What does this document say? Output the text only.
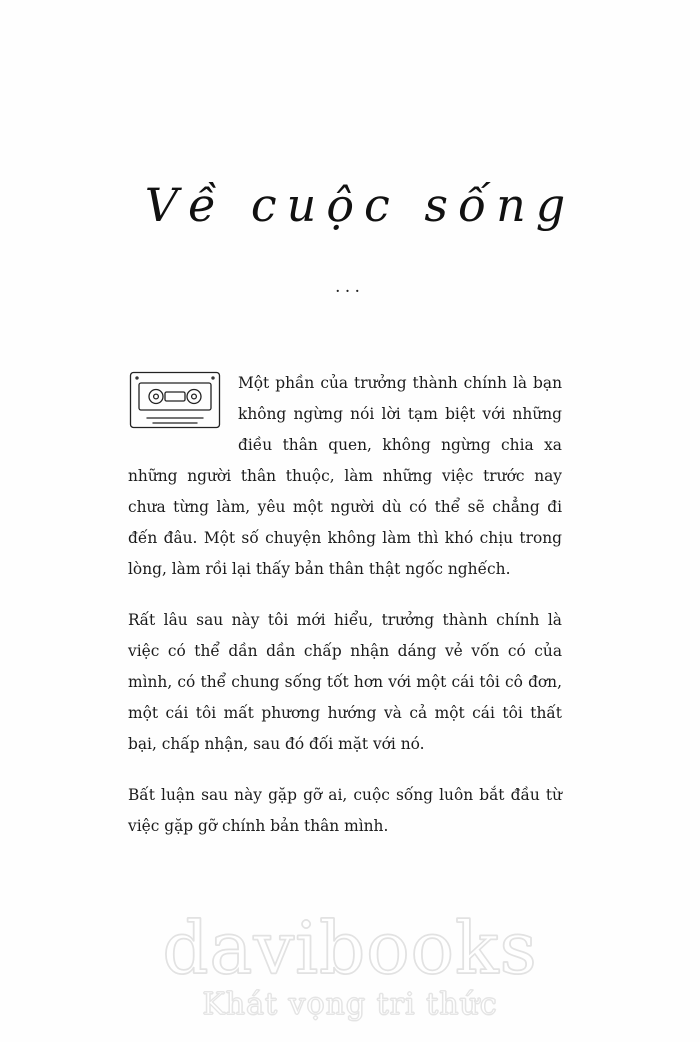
Về cuộc sống
...

Một phần của trưởng thành chính là bạn không ngừng nói lời tạm biệt với những điều thân quen, không ngừng chia xa những người thân thuộc, làm những việc trước nay chưa từng làm, yêu một người dù có thể sẽ chẳng đi đến đâu. Một số chuyện không làm thì khó chịu trong lòng, làm rồi lại thấy bản thân thật ngốc nghếch.

Rất lâu sau này tôi mới hiểu, trưởng thành chính là việc có thể dần dần chấp nhận dáng vẻ vốn có của mình, có thể chung sống tốt hơn với một cái tôi cô đơn, một cái tôi mất phương hướng và cả một cái tôi thất bại, chấp nhận, sau đó đối mặt với nó.

Bất luận sau này gặp gỡ ai, cuộc sống luôn bắt đầu từ việc gặp gỡ chính bản thân mình.

davibooks
Khát vọng tri thức
